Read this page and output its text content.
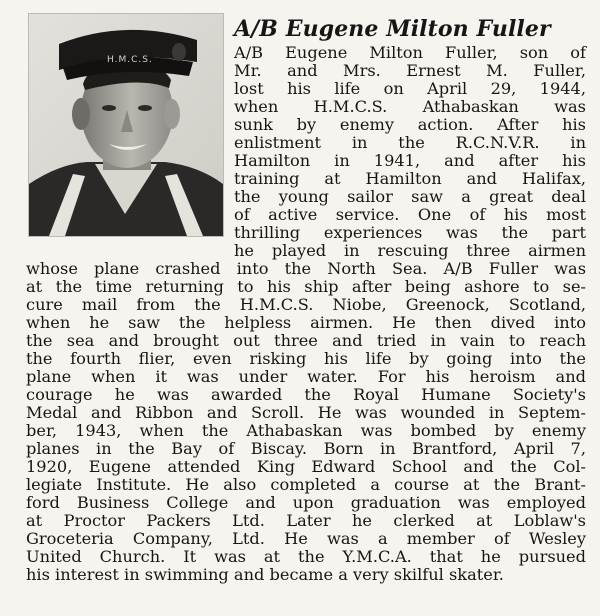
H.M.C.S.
A/B Eugene Milton Fuller
A/B Eugene Milton Fuller, son of
Mr. and Mrs. Ernest M. Fuller,
lost his life on April 29, 1944,
when H.M.C.S. Athabaskan was
sunk by enemy action. After his
enlistment in the R.C.N.V.R. in
Hamilton in 1941, and after his
training at Hamilton and Halifax,
the young sailor saw a great deal
of active service. One of his most
thrilling experiences was the part
he played in rescuing three airmen
whose plane crashed into the North Sea. A/B Fuller was
at the time returning to his ship after being ashore to se-
cure mail from the H.M.C.S. Niobe, Greenock, Scotland,
when he saw the helpless airmen. He then dived into
the sea and brought out three and tried in vain to reach
the fourth flier, even risking his life by going into the
plane when it was under water. For his heroism and
courage he was awarded the Royal Humane Society's
Medal and Ribbon and Scroll. He was wounded in Septem-
ber, 1943, when the Athabaskan was bombed by enemy
planes in the Bay of Biscay. Born in Brantford, April 7,
1920, Eugene attended King Edward School and the Col-
legiate Institute. He also completed a course at the Brant-
ford Business College and upon graduation was employed
at Proctor Packers Ltd. Later he clerked at Loblaw's
Groceteria Company, Ltd. He was a member of Wesley
United Church. It was at the Y.M.C.A. that he pursued
his interest in swimming and became a very skilful skater.
